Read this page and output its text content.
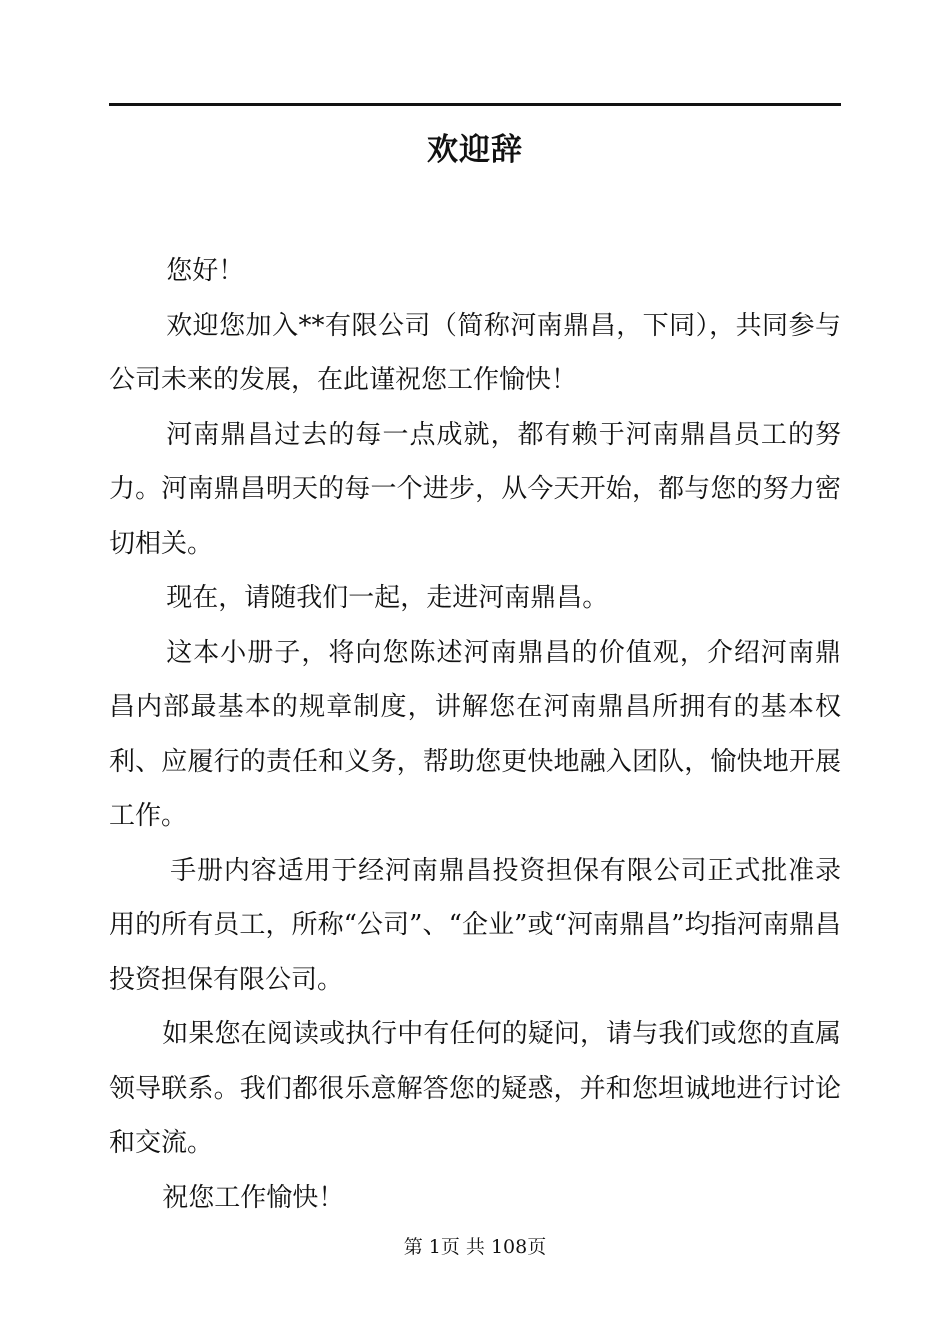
欢迎辞

您好！

欢迎您加入**有限公司（简称河南鼎昌，下同），共同参与公司未来的发展，在此谨祝您工作愉快！

河南鼎昌过去的每一点成就，都有赖于河南鼎昌员工的努力。河南鼎昌明天的每一个进步，从今天开始，都与您的努力密切相关。

现在，请随我们一起，走进河南鼎昌。

这本小册子，将向您陈述河南鼎昌的价值观，介绍河南鼎昌内部最基本的规章制度，讲解您在河南鼎昌所拥有的基本权利、应履行的责任和义务，帮助您更快地融入团队，愉快地开展工作。

手册内容适用于经河南鼎昌投资担保有限公司正式批准录用的所有员工，所称“公司”、“企业”或“河南鼎昌”均指河南鼎昌投资担保有限公司。

如果您在阅读或执行中有任何的疑问，请与我们或您的直属领导联系。我们都很乐意解答您的疑惑，并和您坦诚地进行讨论和交流。

祝您工作愉快！

第 1页 共 108页
